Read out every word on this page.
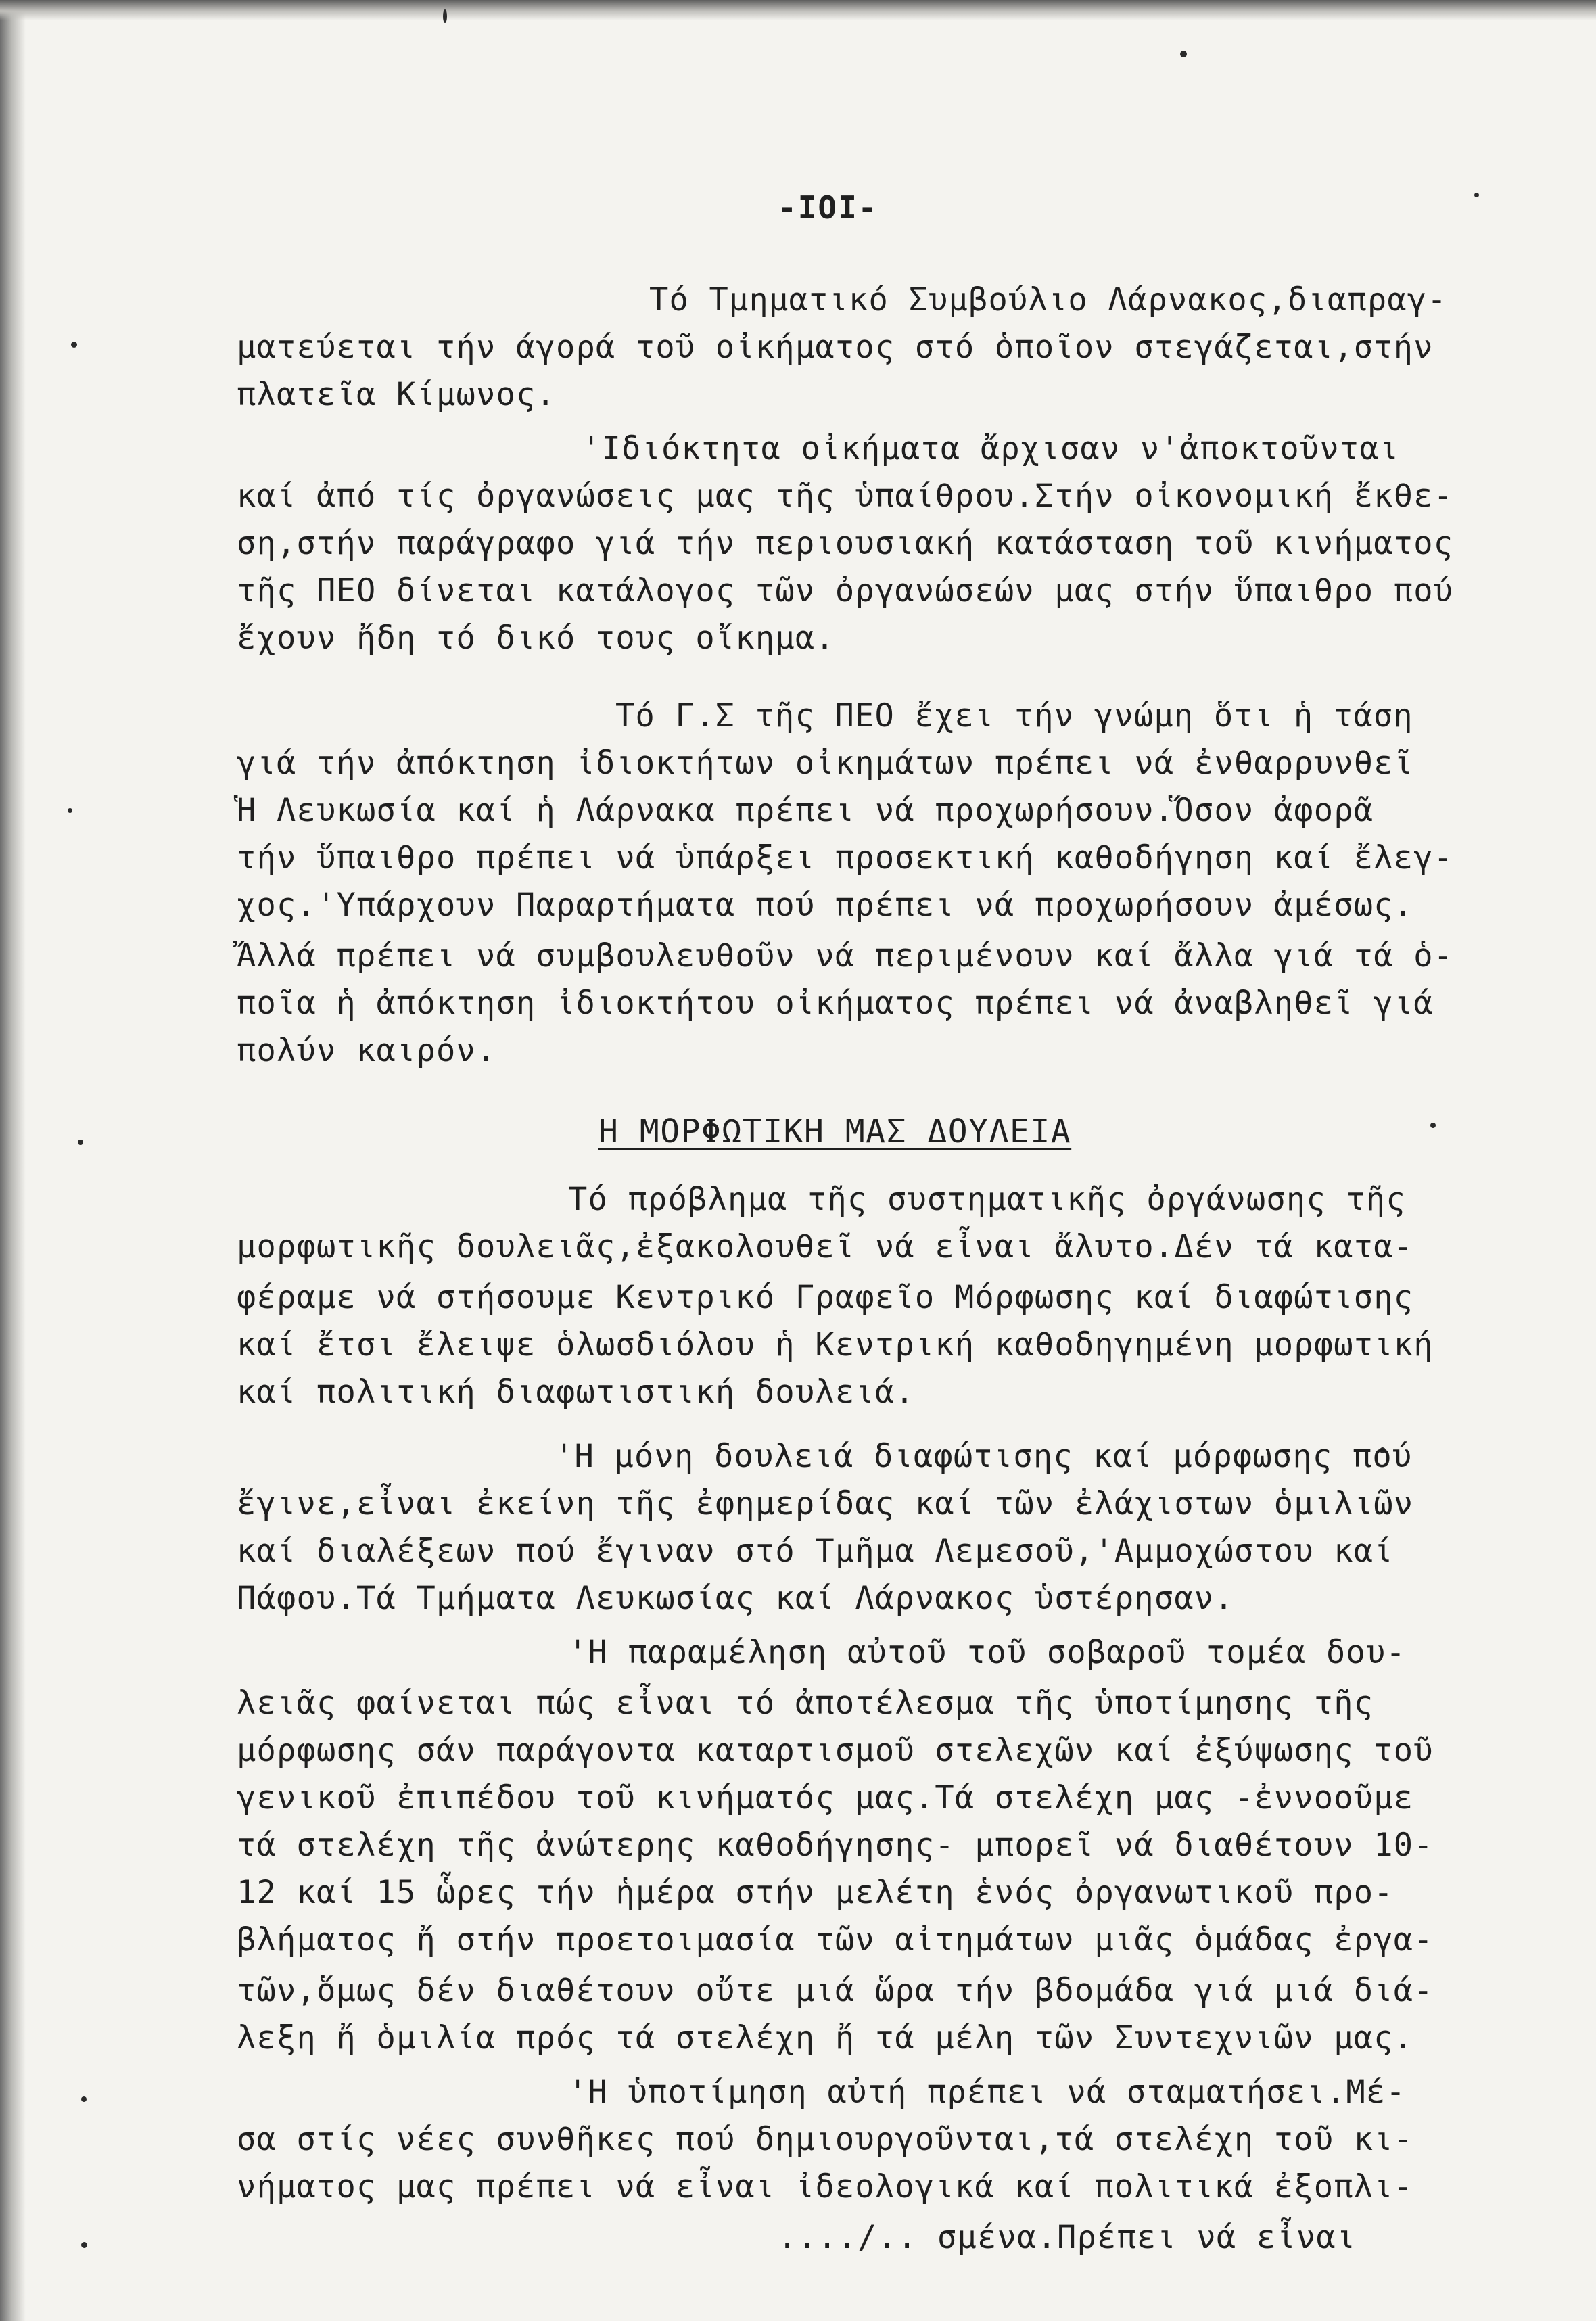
-IOI-
Τό Τμηματικό Συμβούλιο Λάρνακος,διαπραγ-
ματεύεται τήν άγορά τοῦ οἰκήματος στό ὁποῖον στεγάζεται,στήν
πλατεῖα Κίμωνος.
'Ιδιόκτητα οἰκήματα ἄρχισαν ν'ἀποκτοῦνται
καί ἀπό τίς ὀργανώσεις μας τῆς ὑπαίθρου.Στήν οἰκονομική ἔκθε-
ση,στήν παράγραφο γιά τήν περιουσιακή κατάσταση τοῦ κινήματος
τῆς ΠΕΟ δίνεται κατάλογος τῶν ὀργανώσεών μας στήν ὕπαιθρο πού
ἔχουν ἤδη τό δικό τους οἴκημα.
Τό Γ.Σ τῆς ΠΕΟ ἔχει τήν γνώμη ὅτι ἡ τάση
γιά τήν ἀπόκτηση ἰδιοκτήτων οἰκημάτων πρέπει νά ἐνθαρρυνθεῖ
Ἡ Λευκωσία καί ἡ Λάρνακα πρέπει νά προχωρήσουν.Ὅσον ἀφορᾶ
τήν ὕπαιθρο πρέπει νά ὑπάρξει προσεκτική καθοδήγηση καί ἔλεγ-
χος.'Υπάρχουν Παραρτήματα πού πρέπει νά προχωρήσουν ἀμέσως.
Ἄλλά πρέπει νά συμβουλευθοῦν νά περιμένουν καί ἄλλα γιά τά ὁ-
ποῖα ἡ ἀπόκτηση ἰδιοκτήτου οἰκήματος πρέπει νά ἀναβληθεῖ γιά
πολύν καιρόν.
Η ΜΟΡΦΩΤΙΚΗ ΜΑΣ ΔΟΥΛΕΙΑ
Τό πρόβλημα τῆς συστηματικῆς ὀργάνωσης τῆς
μορφωτικῆς δουλειᾶς,ἐξακολουθεῖ νά εἶναι ἄλυτο.Δέν τά κατα-
φέραμε νά στήσουμε Κεντρικό Γραφεῖο Μόρφωσης καί διαφώτισης
καί ἔτσι ἔλειψε ὁλωσδιόλου ἡ Κεντρική καθοδηγημένη μορφωτική
καί πολιτική διαφωτιστική δουλειά.
'Η μόνη δουλειά διαφώτισης καί μόρφωσης πού
ἔγινε,εἶναι ἐκείνη τῆς ἐφημερίδας καί τῶν ἐλάχιστων ὁμιλιῶν
καί διαλέξεων πού ἔγιναν στό Τμῆμα Λεμεσοῦ,'Αμμοχώστου καί
Πάφου.Τά Τμήματα Λευκωσίας καί Λάρνακος ὑστέρησαν.
'Η παραμέληση αὐτοῦ τοῦ σοβαροῦ τομέα δου-
λειᾶς φαίνεται πώς εἶναι τό ἀποτέλεσμα τῆς ὑποτίμησης τῆς
μόρφωσης σάν παράγοντα καταρτισμοῦ στελεχῶν καί ἐξύψωσης τοῦ
γενικοῦ ἐπιπέδου τοῦ κινήματός μας.Τά στελέχη μας -ἐννοοῦμε
τά στελέχη τῆς ἀνώτερης καθοδήγησης- μπορεῖ νά διαθέτουν 10-
12 καί 15 ὧρες τήν ἡμέρα στήν μελέτη ἑνός ὀργανωτικοῦ προ-
βλήματος ἤ στήν προετοιμασία τῶν αἰτημάτων μιᾶς ὁμάδας ἐργα-
τῶν,ὅμως δέν διαθέτουν οὔτε μιά ὥρα τήν βδομάδα γιά μιά διά-
λεξη ἤ ὁμιλία πρός τά στελέχη ἤ τά μέλη τῶν Συντεχνιῶν μας.
'Η ὑποτίμηση αὐτή πρέπει νά σταματήσει.Μέ-
σα στίς νέες συνθῆκες πού δημιουργοῦνται,τά στελέχη τοῦ κι-
νήματος μας πρέπει νά εἶναι ἰδεολογικά καί πολιτικά ἐξοπλι-
..../.. σμένα.Πρέπει νά εἶναι
